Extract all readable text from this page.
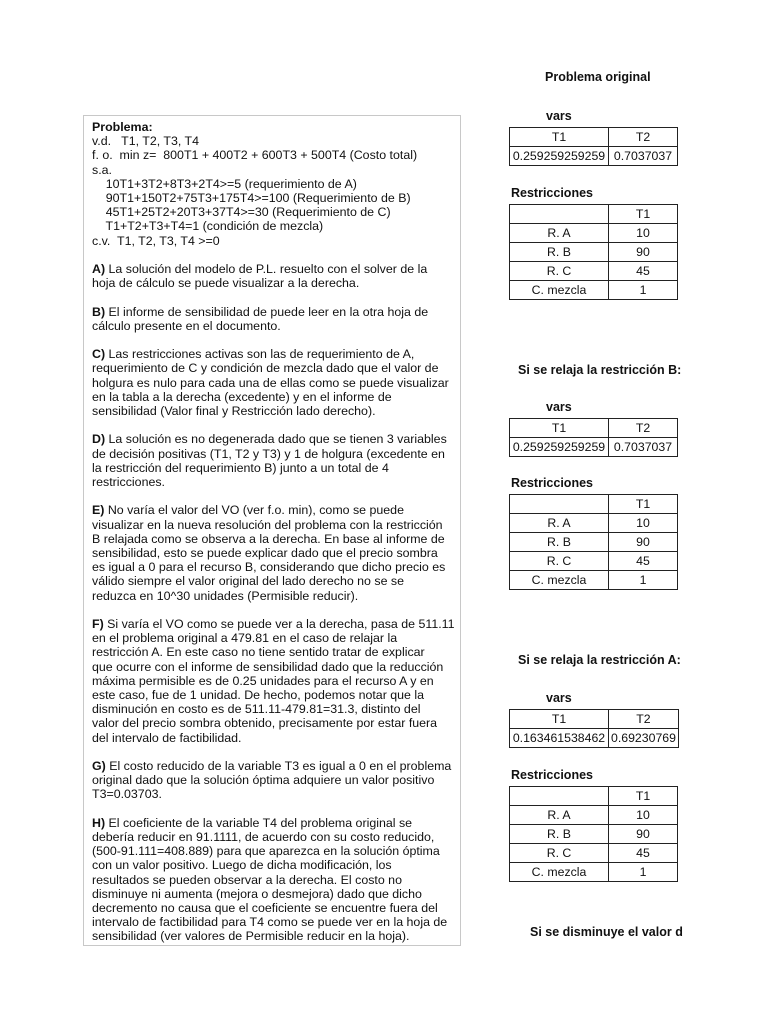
Problema:
v.d.   T1, T2, T3, T4
f. o.  min z=  800T1 + 400T2 + 600T3 + 500T4 (Costo total)
s.a.
10T1+3T2+8T3+2T4>=5 (requerimiento de A)
90T1+150T2+75T3+175T4>=100 (Requerimiento de B)
45T1+25T2+20T3+37T4>=30 (Requerimiento de C)
T1+T2+T3+T4=1 (condición de mezcla)
c.v.  T1, T2, T3, T4 >=0
A) La solución del modelo de P.L. resuelto con el solver de la
hoja de cálculo se puede visualizar a la derecha.
B) El informe de sensibilidad de puede leer en la otra hoja de
cálculo presente en el documento.
C) Las restricciones activas son las de requerimiento de A,
requerimiento de C y condición de mezcla dado que el valor de
holgura es nulo para cada una de ellas como se puede visualizar
en la tabla a la derecha (excedente) y en el informe de
sensibilidad (Valor final y Restricción lado derecho).
D) La solución es no degenerada dado que se tienen 3 variables
de decisión positivas (T1, T2 y T3) y 1 de holgura (excedente en
la restricción del requerimiento B) junto a un total de 4
restricciones.
E) No varía el valor del VO (ver f.o. min), como se puede
visualizar en la nueva resolución del problema con la restricción
B relajada como se observa a la derecha. En base al informe de
sensibilidad, esto se puede explicar dado que el precio sombra
es igual a 0 para el recurso B, considerando que dicho precio es
válido siempre el valor original del lado derecho no se se
reduzca en 10^30 unidades (Permisible reducir).
F) Si varía el VO como se puede ver a la derecha, pasa de 511.11
en el problema original a 479.81 en el caso de relajar la
restricción A. En este caso no tiene sentido tratar de explicar
que ocurre con el informe de sensibilidad dado que la reducción
máxima permisible es de 0.25 unidades para el recurso A y en
este caso, fue de 1 unidad. De hecho, podemos notar que la
disminución en costo es de 511.11-479.81=31.3, distinto del
valor del precio sombra obtenido, precisamente por estar fuera
del intervalo de factibilidad.
G) El costo reducido de la variable T3 es igual a 0 en el problema
original dado que la solución óptima adquiere un valor positivo
T3=0.03703.
H) El coeficiente de la variable T4 del problema original se
debería reducir en 91.1111, de acuerdo con su costo reducido,
(500-91.111=408.889) para que aparezca en la solución óptima
con un valor positivo. Luego de dicha modificación, los
resultados se pueden observar a la derecha. El costo no
disminuye ni aumenta (mejora o desmejora) dado que dicho
decremento no causa que el coeficiente se encuentre fuera del
intervalo de factibilidad para T4 como se puede ver en la hoja de
sensibilidad (ver valores de Permisible reducir en la hoja).
Problema original
vars
T1	T2
0.259259259259	0.7037037
Restricciones
	T1
R. A	10
R. B	90
R. C	45
C. mezcla	1
Si se relaja la restricción B:
vars
T1	T2
0.259259259259	0.7037037
Restricciones
	T1
R. A	10
R. B	90
R. C	45
C. mezcla	1
Si se relaja la restricción A:
vars
T1	T2
0.163461538462	0.69230769
Restricciones
	T1
R. A	10
R. B	90
R. C	45
C. mezcla	1
Si se disminuye el valor d
